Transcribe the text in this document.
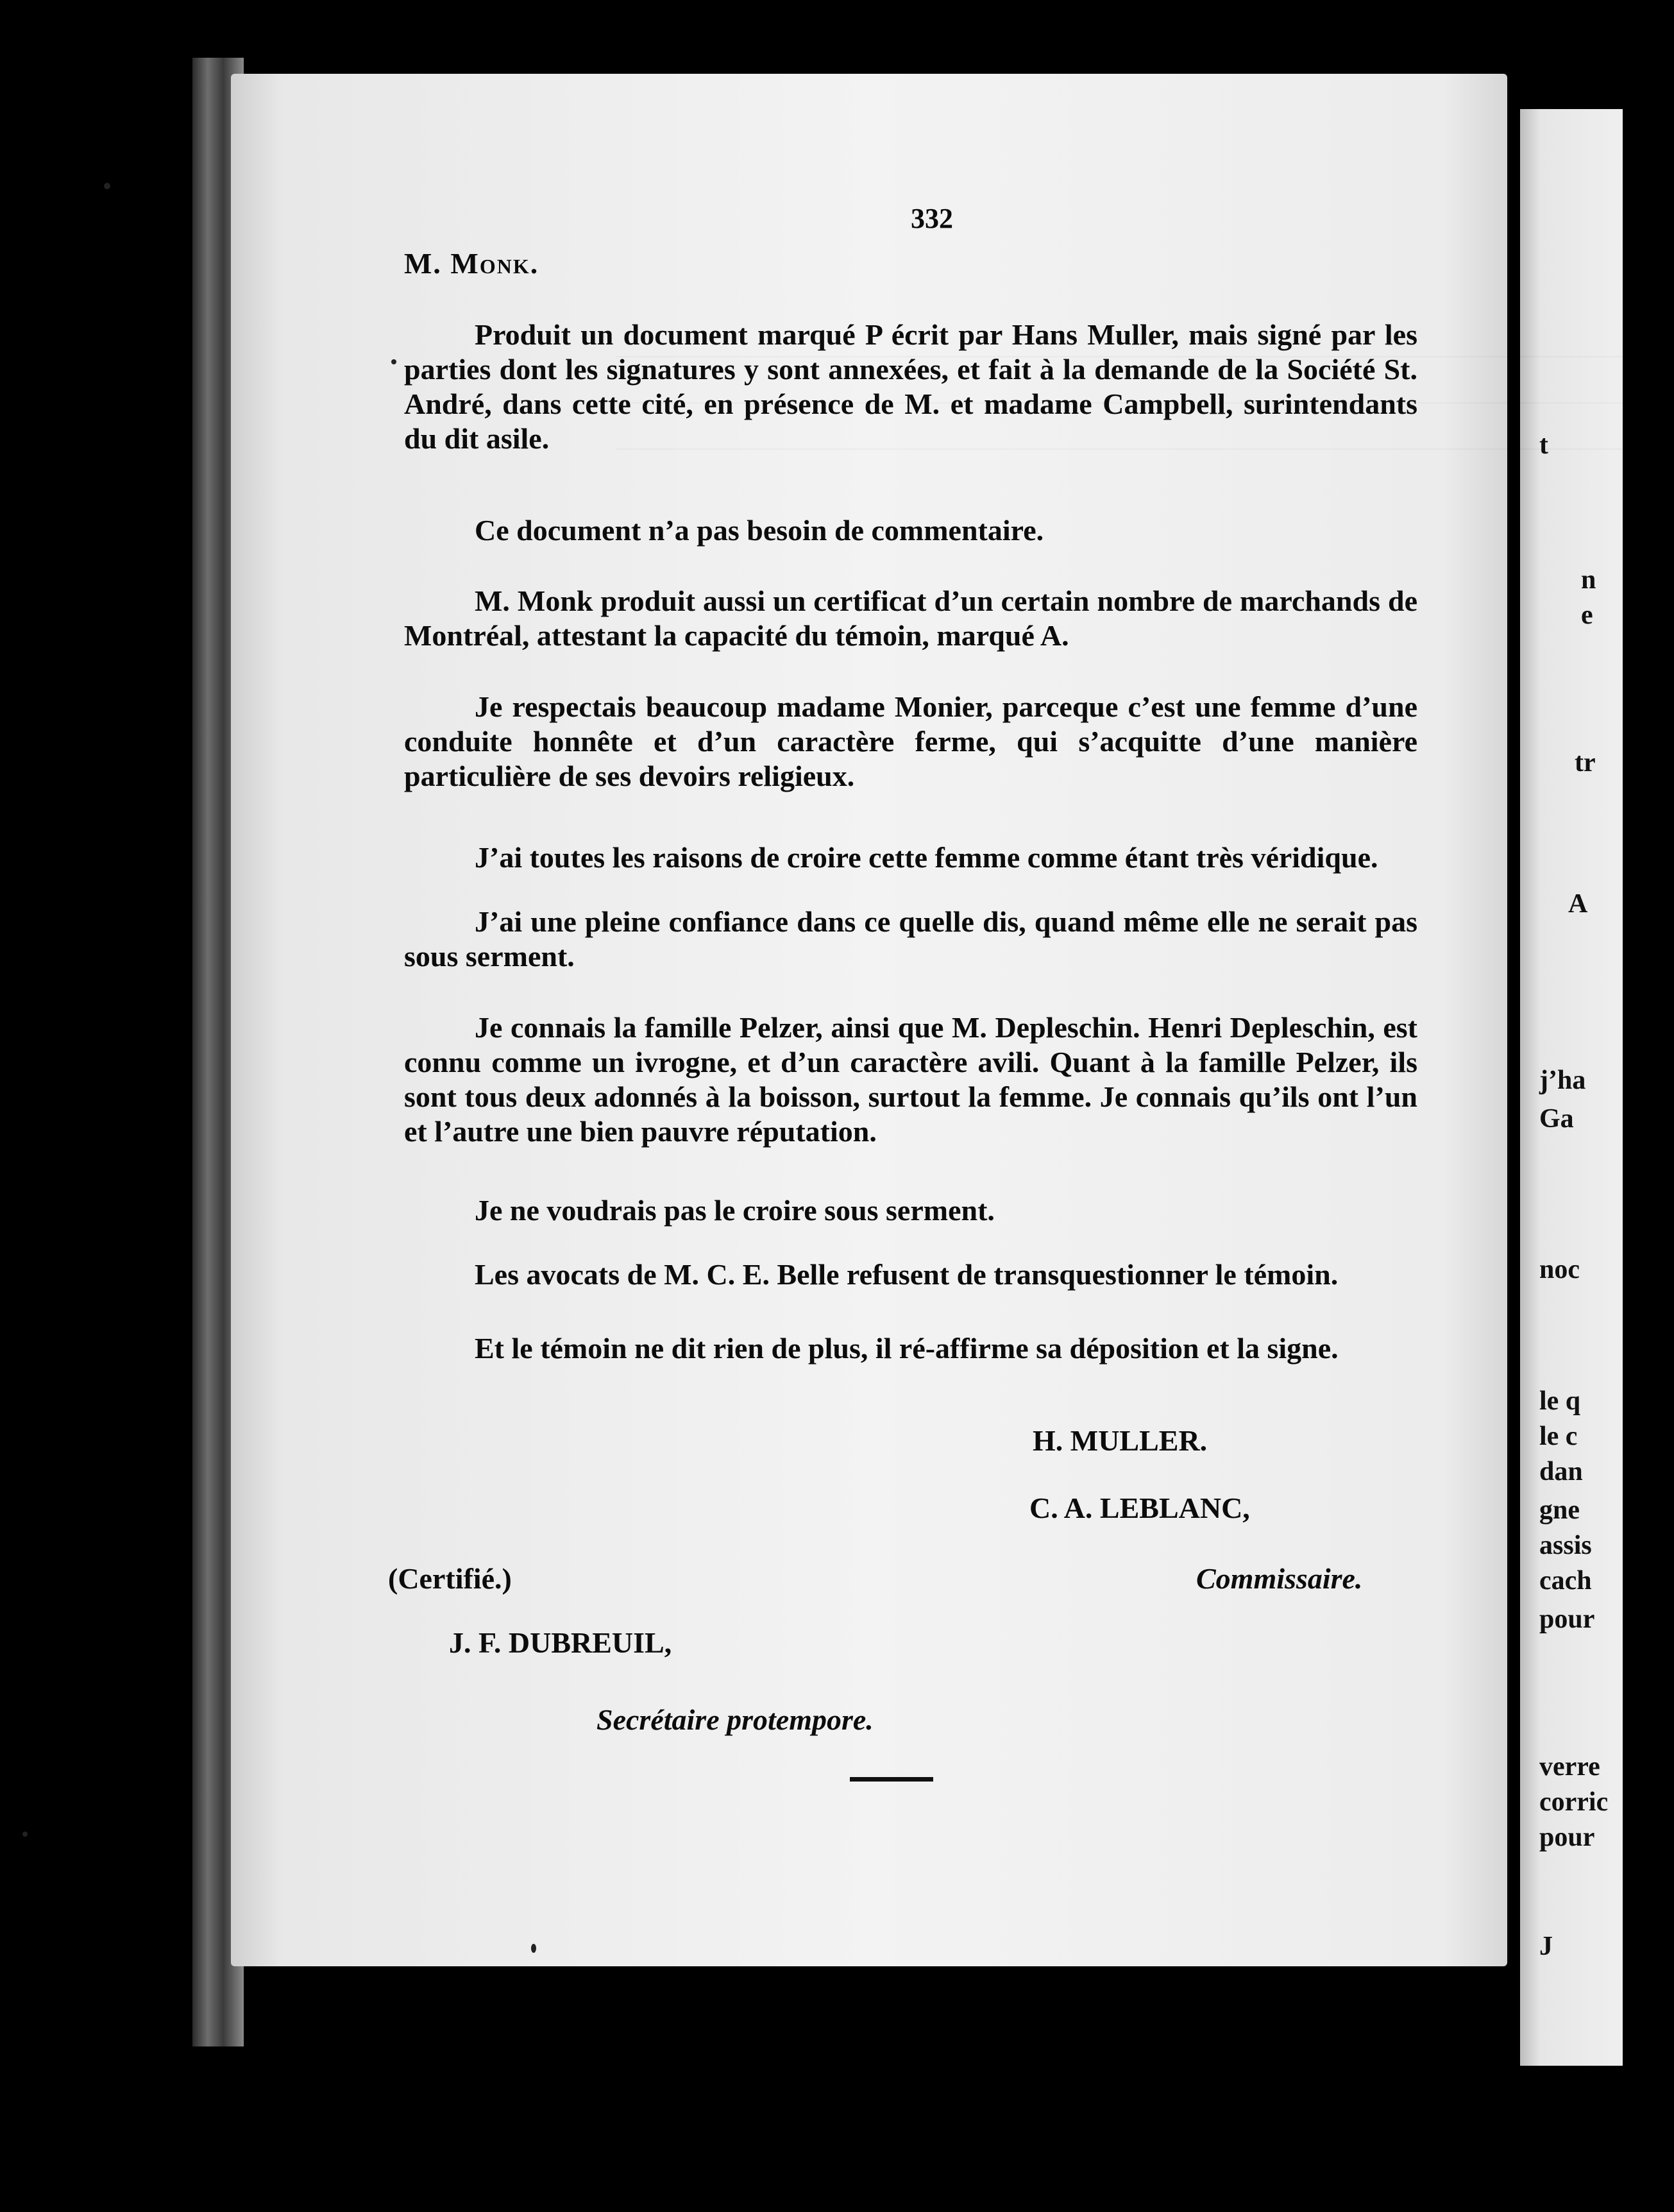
t
n
e
tr
A
j’ha
Ga
noc
le q
le c
dan
gne
assis
cach
pour
verre
corric
pour
J
332
M. Monk.
Produit un document marqué P écrit par Hans Muller, mais signé par les parties dont les signatures y sont annexées, et fait à la demande de la Société St. André, dans cette cité, en présence de M. et madame Campbell, surintendants du dit asile.
Ce document n’a pas besoin de commentaire.
M. Monk produit aussi un certificat d’un certain nombre de marchands de Montréal, attestant la capacité du témoin, marqué A.
Je respectais beaucoup madame Monier, parceque c’est une femme d’une conduite honnête et d’un caractère ferme, qui s’acquitte d’une manière particulière de ses devoirs religieux.
J’ai toutes les raisons de croire cette femme comme étant très véridique.
J’ai une pleine confiance dans ce quelle dis, quand même elle ne serait pas sous serment.
Je connais la famille Pelzer, ainsi que M. Depleschin. Henri Depleschin, est connu comme un ivrogne, et d’un caractère avili. Quant à la famille Pelzer, ils sont tous deux adonnés à la boisson, surtout la femme. Je connais qu’ils ont l’un et l’autre une bien pauvre réputation.
Je ne voudrais pas le croire sous serment.
Les avocats de M. C. E. Belle refusent de transquestionner le témoin.
Et le témoin ne dit rien de plus, il ré-affirme sa déposition et la signe.
H. MULLER.
C. A. LEBLANC,
Commissaire.
(Certifié.)
J. F. DUBREUIL,
Secrétaire protempore.
